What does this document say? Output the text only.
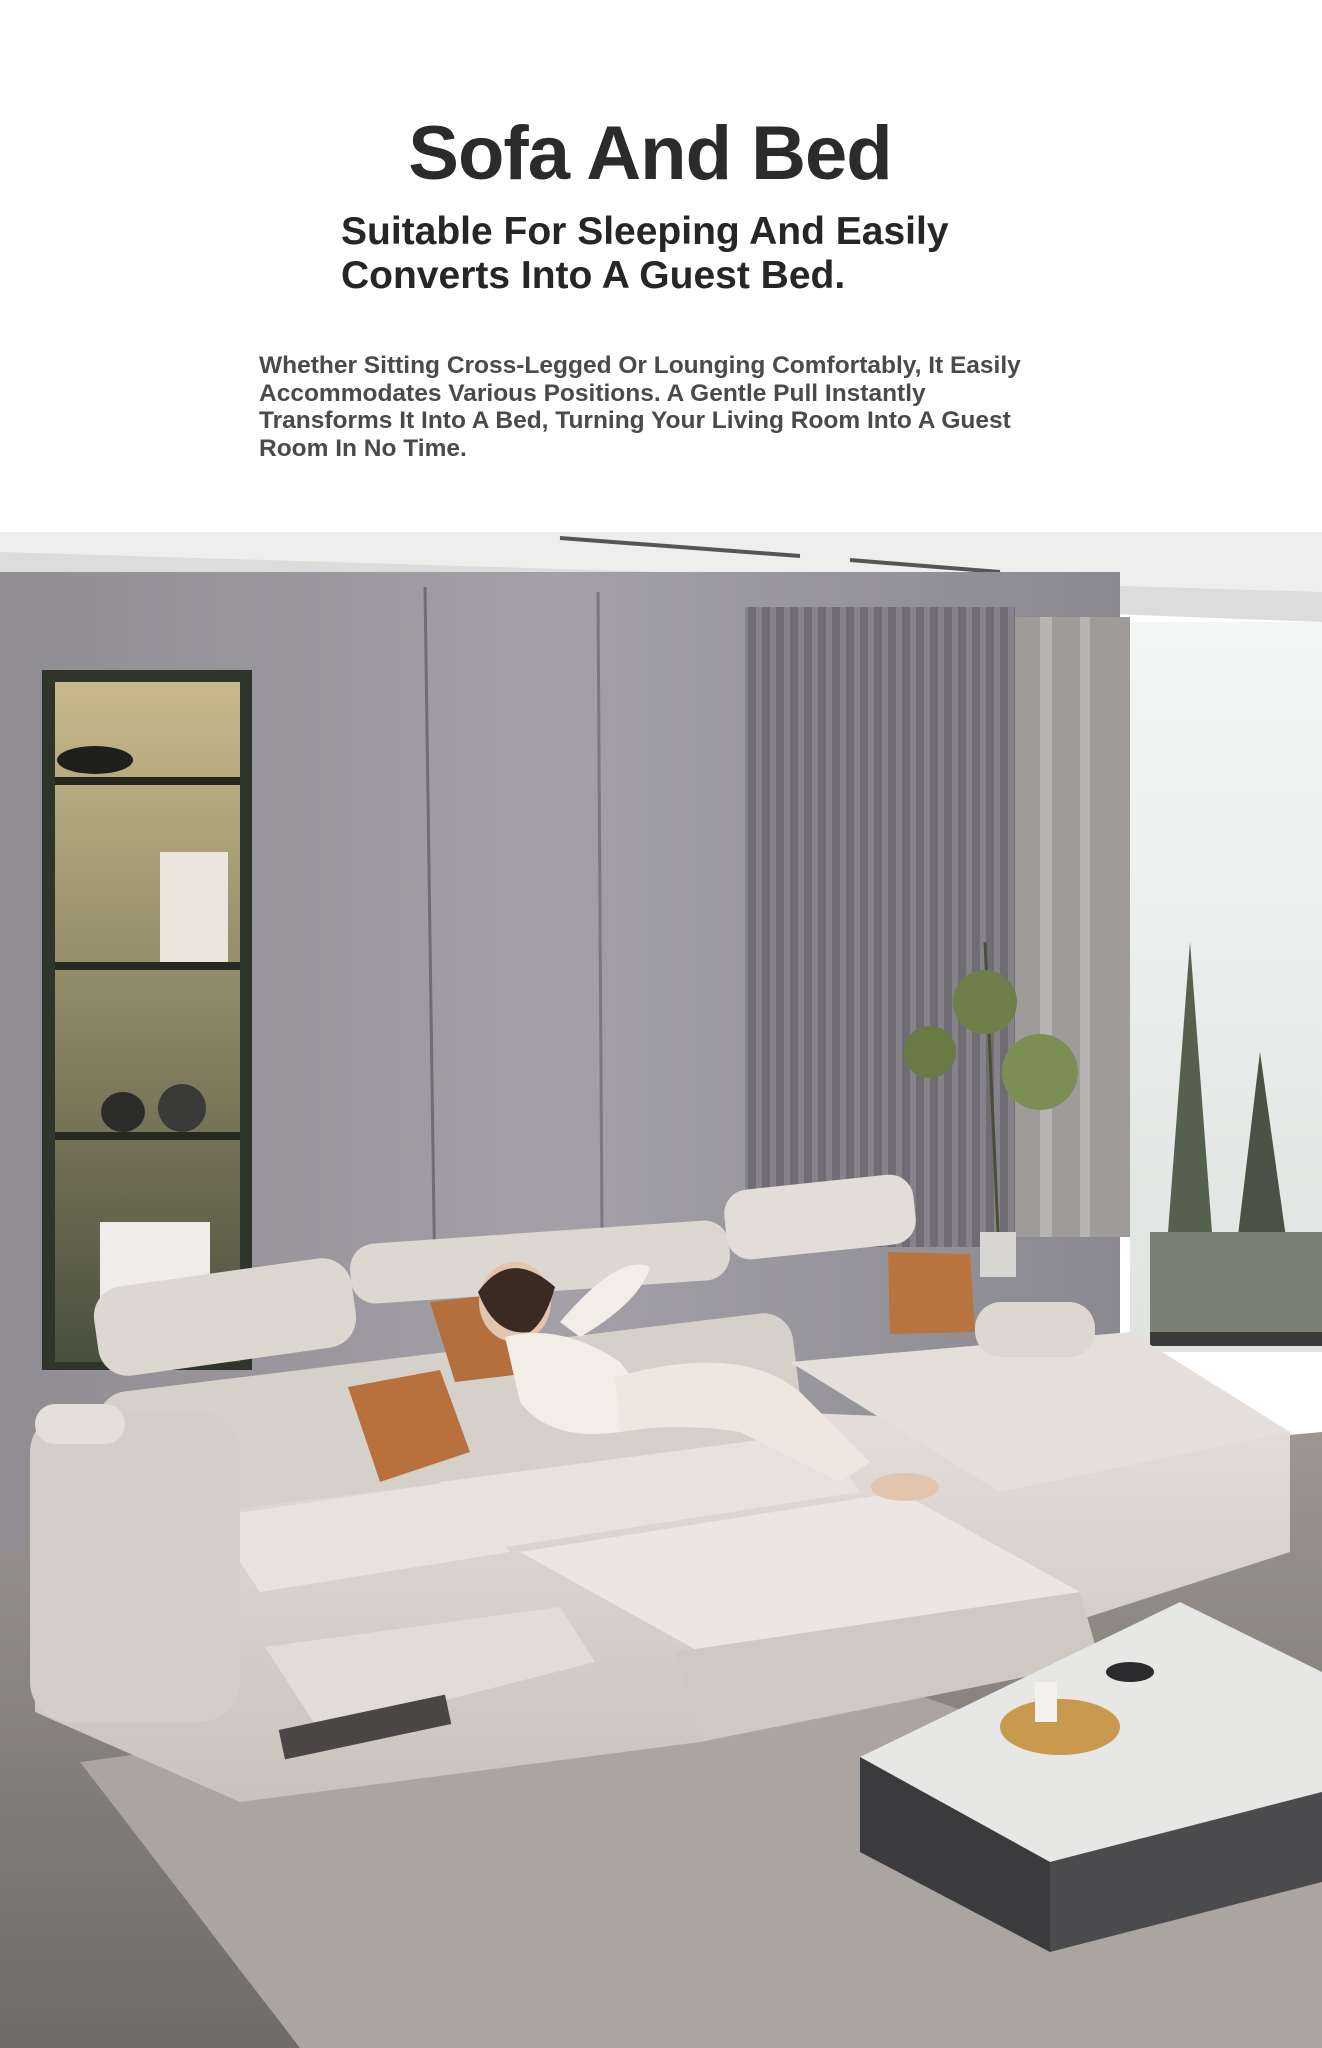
Sofa And Bed
Suitable For Sleeping And Easily
Converts Into A Guest Bed.
Whether Sitting Cross-Legged Or Lounging Comfortably, It Easily
Accommodates Various Positions. A Gentle Pull Instantly
Transforms It Into A Bed, Turning Your Living Room Into A Guest
Room In No Time.
